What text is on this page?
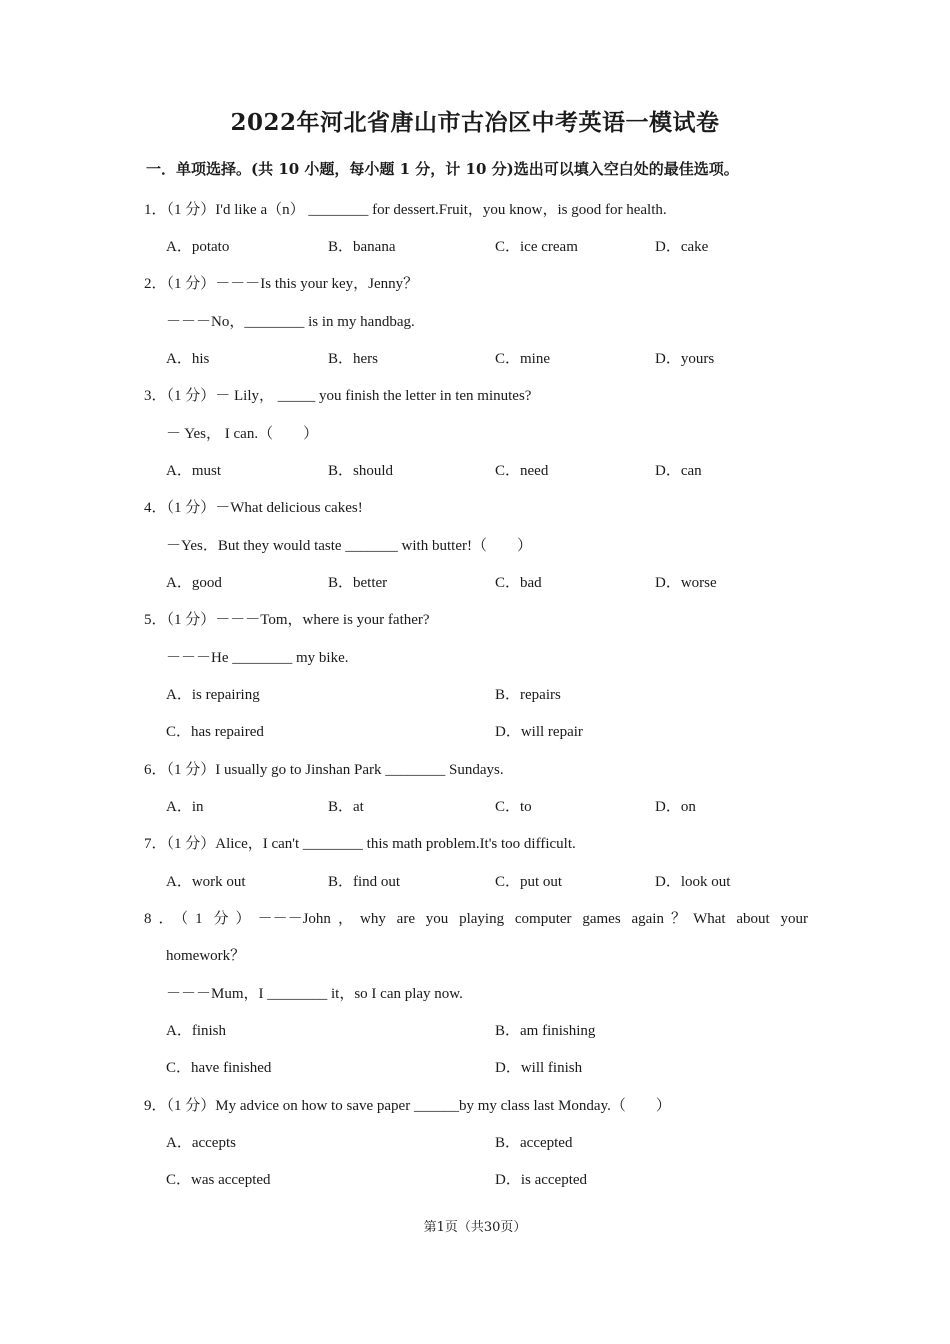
2022年河北省唐山市古冶区中考英语一模试卷
一．单项选择。(共 10 小题，每小题 1 分，计 10 分)选出可以填入空白处的最佳选项。
1．（1 分）I'd like a（n） ________ for dessert.Fruit，you know，is good for health.
A．potato	B．banana	C．ice cream	D．cake
2．（1 分）－－－Is this your key，Jenny？
－－－No，________ is in my handbag.
A．his	B．hers	C．mine	D．yours
3．（1 分）－ Lily， _____ you finish the letter in ten minutes?
－ Yes， I can.（　　）
A．must	B．should	C．need	D．can
4．（1 分）－What delicious cakes!
－Yes．But they would taste _______ with butter!（　　）
A．good	B．better	C．bad	D．worse
5．（1 分）－－－Tom，where is your father?
－－－He ________ my bike.
A．is repairing	B．repairs
C．has repaired	D．will repair
6．（1 分）I usually go to Jinshan Park ________ Sundays.
A．in	B．at	C．to	D．on
7．（1 分）Alice，I can't ________ this math problem.It's too difficult.
A．work out	B．find out	C．put out	D．look out
8．（1 分）－－－John，why are you playing computer games again？What about your
homework？
－－－Mum，I ________ it，so I can play now.
A．finish	B．am finishing
C．have finished	D．will finish
9．（1 分）My advice on how to save paper ______by my class last Monday.（　　）
A．accepts	B．accepted
C．was accepted	D．is accepted
第1页（共30页）
